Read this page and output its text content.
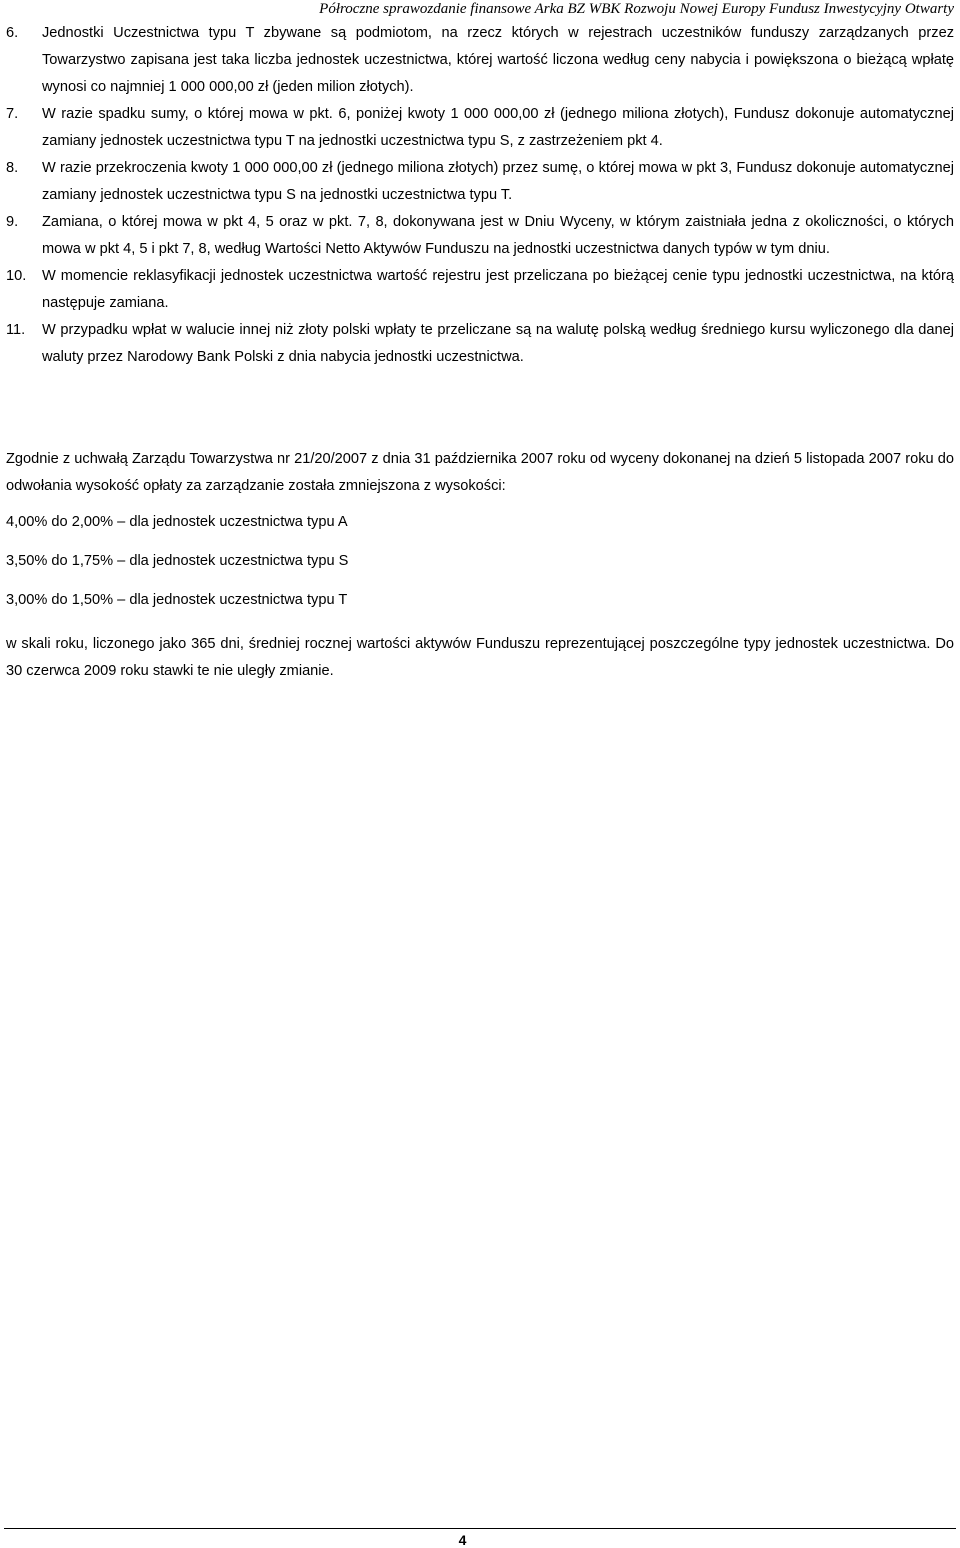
Półroczne sprawozdanie finansowe Arka BZ WBK Rozwoju Nowej Europy Fundusz Inwestycyjny Otwarty
6.	Jednostki Uczestnictwa typu T zbywane są podmiotom, na rzecz których w rejestrach uczestników funduszy zarządzanych przez Towarzystwo zapisana jest taka liczba jednostek uczestnictwa, której wartość liczona według ceny nabycia i powiększona o bieżącą wpłatę wynosi co najmniej 1 000 000,00 zł (jeden milion złotych).
7.	W razie spadku sumy, o której mowa w pkt. 6, poniżej kwoty 1 000 000,00 zł (jednego miliona złotych), Fundusz dokonuje automatycznej zamiany jednostek uczestnictwa typu T na jednostki uczestnictwa typu S, z zastrzeżeniem pkt 4.
8.	W razie przekroczenia kwoty 1 000 000,00 zł (jednego miliona złotych) przez sumę, o której mowa w pkt 3, Fundusz dokonuje automatycznej zamiany jednostek uczestnictwa typu S na jednostki uczestnictwa typu T.
9.	Zamiana, o której mowa w pkt 4, 5 oraz w pkt. 7, 8, dokonywana jest w Dniu Wyceny, w którym zaistniała jedna z okoliczności, o których mowa w pkt 4, 5 i pkt 7, 8, według Wartości Netto Aktywów Funduszu na jednostki uczestnictwa danych typów w tym dniu.
10.	W momencie reklasyfikacji jednostek uczestnictwa wartość rejestru jest przeliczana po bieżącej cenie typu jednostki uczestnictwa, na którą następuje zamiana.
11.	W przypadku wpłat w walucie innej niż złoty polski wpłaty te przeliczane są na walutę polską według średniego kursu wyliczonego dla danej waluty przez Narodowy Bank Polski z dnia nabycia jednostki uczestnictwa.

Zgodnie z uchwałą Zarządu Towarzystwa nr 21/20/2007 z dnia 31 października 2007 roku od wyceny dokonanej na dzień 5 listopada 2007 roku do odwołania wysokość opłaty za zarządzanie została zmniejszona z wysokości:

4,00% do 2,00% – dla jednostek uczestnictwa typu A

3,50% do 1,75% – dla jednostek uczestnictwa typu S

3,00% do 1,50% – dla jednostek uczestnictwa typu T

w skali roku, liczonego jako 365 dni, średniej rocznej wartości aktywów Funduszu reprezentującej poszczególne typy jednostek uczestnictwa. Do 30 czerwca 2009 roku stawki te nie uległy zmianie.

4
